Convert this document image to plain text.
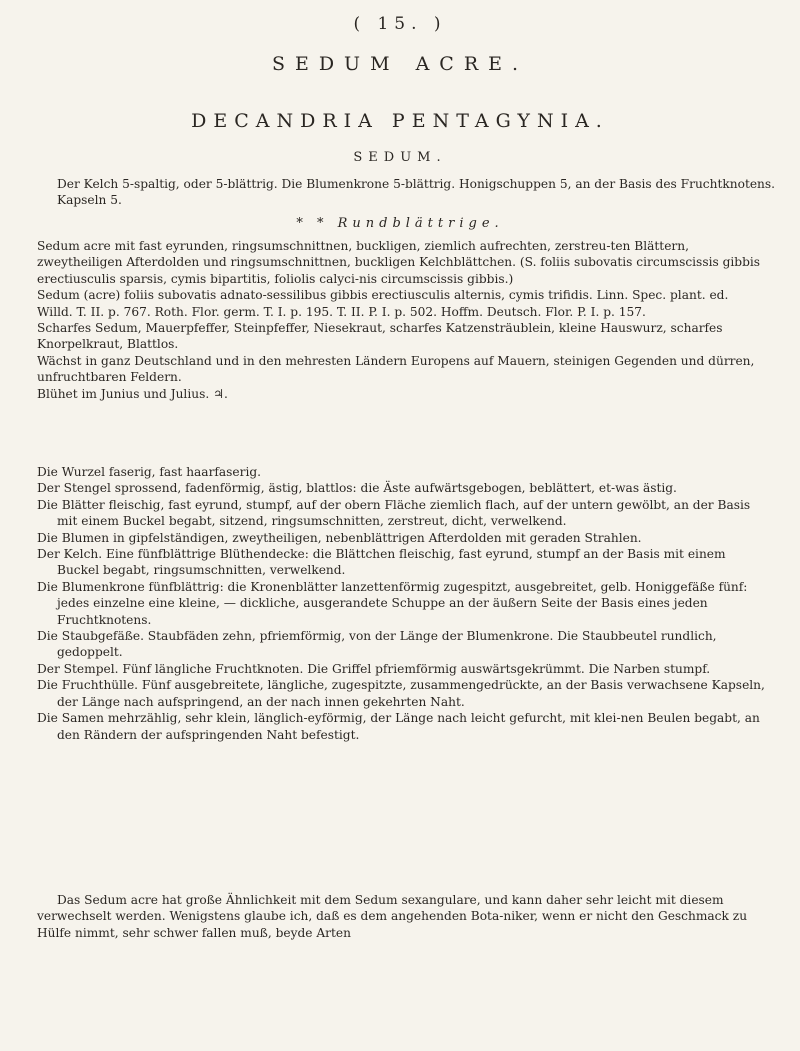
( 15. )
SEDUM ACRE.
DECANDRIA PENTAGYNIA.
SEDUM.

Der Kelch 5-spaltig, oder 5-blättrig. Die Blumenkrone 5-blättrig. Honigschuppen 5, an der Basis des Fruchtknotens. Kapseln 5.

* * Rundblättrige.

Sedum acre mit fast eyrunden, ringsumschnittnen, buckligen, ziemlich aufrechten, zerstreu-ten Blättern, zweytheiligen Afterdolden und ringsumschnittnen, buckligen Kelchblättchen. (S. foliis subovatis circumscissis gibbis erectiusculis sparsis, cymis bipartitis, foliolis calyci-nis circumscissis gibbis.)

Sedum (acre) foliis subovatis adnato-sessilibus gibbis erectiusculis alternis, cymis trifidis. Linn. Spec. plant. ed. Willd. T. II. p. 767. Roth. Flor. germ. T. I. p. 195. T. II. P. I. p. 502. Hoffm. Deutsch. Flor. P. I. p. 157.

Scharfes Sedum, Mauerpfeffer, Steinpfeffer, Niesekraut, scharfes Katzensträublein, kleine Hauswurz, scharfes Knorpelkraut, Blattlos.

Wächst in ganz Deutschland und in den mehresten Ländern Europens auf Mauern, steinigen Gegenden und dürren, unfruchtbaren Feldern.

Blühet im Junius und Julius. ♃.

Die Wurzel faserig, fast haarfaserig.

Der Stengel sprossend, fadenförmig, ästig, blattlos: die Äste aufwärtsgebogen, beblättert, et-was ästig.

Die Blätter fleischig, fast eyrund, stumpf, auf der obern Fläche ziemlich flach, auf der untern gewölbt, an der Basis mit einem Buckel begabt, sitzend, ringsumschnitten, zerstreut, dicht, verwelkend.

Die Blumen in gipfelständigen, zweytheiligen, nebenblättrigen Afterdolden mit geraden Strahlen.

Der Kelch. Eine fünfblättrige Blüthendecke: die Blättchen fleischig, fast eyrund, stumpf an der Basis mit einem Buckel begabt, ringsumschnitten, verwelkend.

Die Blumenkrone fünfblättrig: die Kronenblätter lanzettenförmig zugespitzt, ausgebreitet, gelb. Honiggefäße fünf: jedes einzelne eine kleine, — dickliche, ausgerandete Schuppe an der äußern Seite der Basis eines jeden Fruchtknotens.

Die Staubgefäße. Staubfäden zehn, pfriemförmig, von der Länge der Blumenkrone. Die Staubbeutel rundlich, gedoppelt.

Der Stempel. Fünf längliche Fruchtknoten. Die Griffel pfriemförmig auswärtsgekrümmt. Die Narben stumpf.

Die Fruchthülle. Fünf ausgebreitete, längliche, zugespitzte, zusammengedrückte, an der Basis verwachsene Kapseln, der Länge nach aufspringend, an der nach innen gekehrten Naht.

Die Samen mehrzählig, sehr klein, länglich-eyförmig, der Länge nach leicht gefurcht, mit klei-nen Beulen begabt, an den Rändern der aufspringenden Naht befestigt.

Das Sedum acre hat große Ähnlichkeit mit dem Sedum sexangulare, und kann daher sehr leicht mit diesem verwechselt werden. Wenigstens glaube ich, daß es dem angehenden Bota-niker, wenn er nicht den Geschmack zu Hülfe nimmt, sehr schwer fallen muß, beyde Arten
